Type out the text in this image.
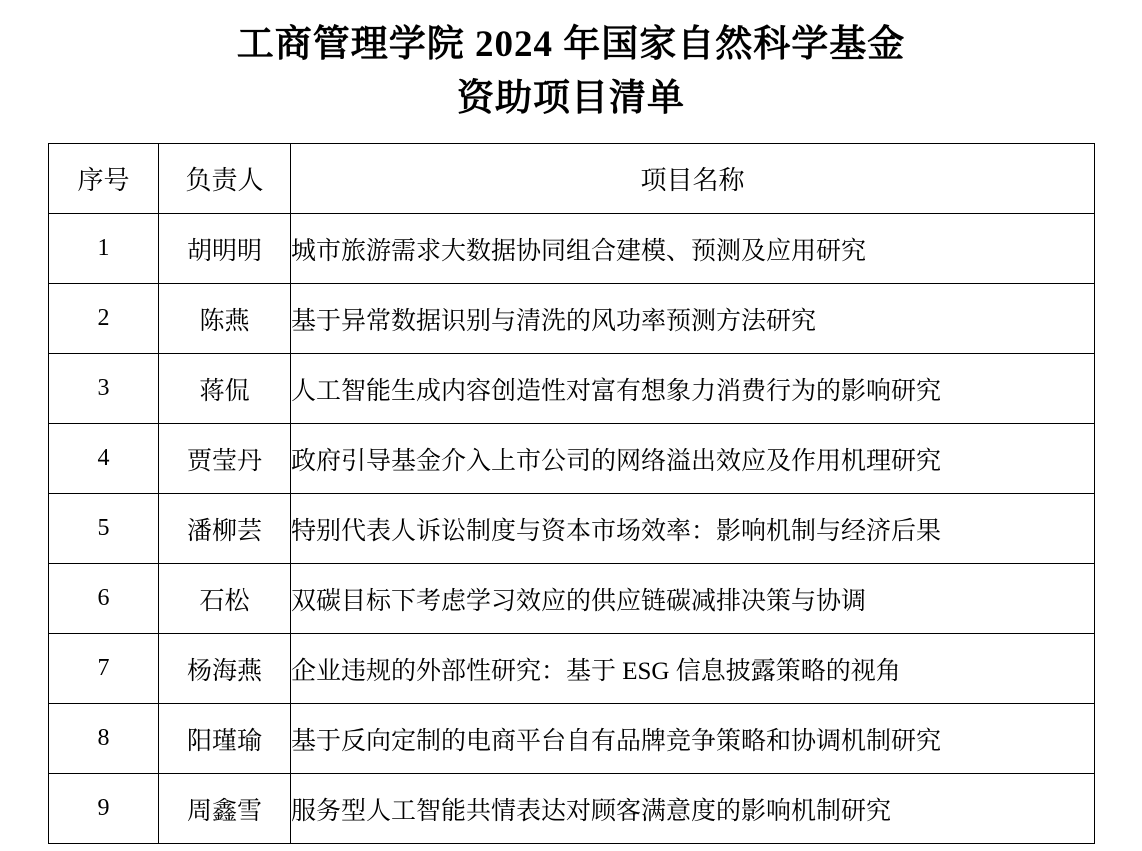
工商管理学院 2024 年国家自然科学基金
资助项目清单
序号	负责人	项目名称
1	胡明明	城市旅游需求大数据协同组合建模、预测及应用研究
2	陈燕	基于异常数据识别与清洗的风功率预测方法研究
3	蒋侃	人工智能生成内容创造性对富有想象力消费行为的影响研究
4	贾莹丹	政府引导基金介入上市公司的网络溢出效应及作用机理研究
5	潘柳芸	特别代表人诉讼制度与资本市场效率：影响机制与经济后果
6	石松	双碳目标下考虑学习效应的供应链碳减排决策与协调
7	杨海燕	企业违规的外部性研究：基于 ESG 信息披露策略的视角
8	阳瑾瑜	基于反向定制的电商平台自有品牌竞争策略和协调机制研究
9	周鑫雪	服务型人工智能共情表达对顾客满意度的影响机制研究
